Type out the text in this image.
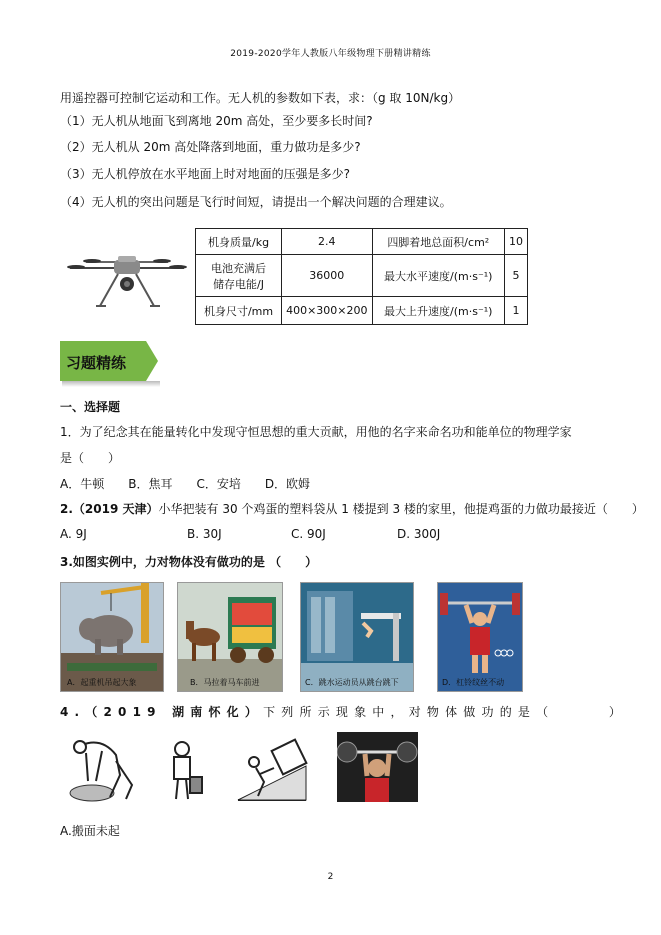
2019-2020学年人教版八年级物理下册精讲精练
用遥控器可控制它运动和工作。无人机的参数如下表，求：（g 取 10N/kg）
（1）无人机从地面飞到离地 20m 高处，至少要多长时间?
（2）无人机从 20m 高处降落到地面，重力做功是多少?
（3）无人机停放在水平地面上时对地面的压强是多少?
（4）无人机的突出问题是飞行时间短，请提出一个解决问题的合理建议。
机身质量/kg	2.4	四脚着地总面积/cm²	10

电池充满后
储存电能/J	36000	最大水平速度/(m·s⁻¹)	5
机身尺寸/mm	400×300×200	最大上升速度/(m·s⁻¹)	1
习题精练
一、选择题
1．为了纪念其在能量转化中发现守恒思想的重大贡献，用他的名字来命名功和能单位的物理学家
是（　　）
A．牛顿　　B．焦耳　　C．安培　　D．欧姆
2.（2019 天津）小华把装有 30 个鸡蛋的塑料袋从 1 楼提到 3 楼的家里，他提鸡蛋的力做功最接近（　　）
A. 9J	B. 30J	C. 90J	D. 300J
3.如图实例中，力对物体没有做功的是 （　　）
A．起重机吊起大象	B．马拉着马车前进	C．跳水运动员从跳台跳下	D．杠铃纹丝不动
4.（2019 湖南怀化）下列所示现象中，对物体做功的是（　　　）
A.搬面未起
2
